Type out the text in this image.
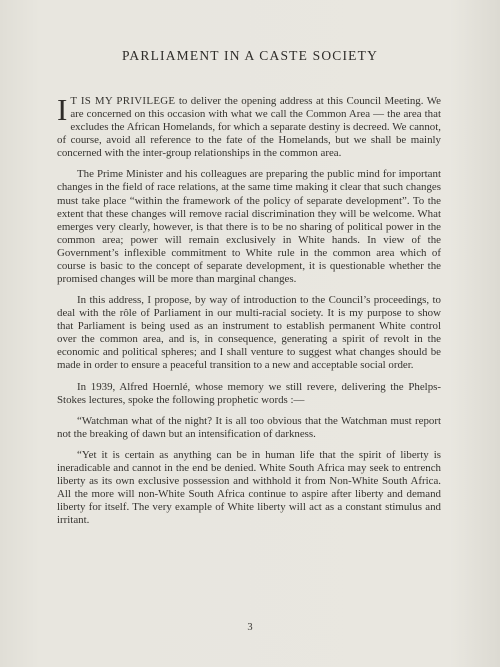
PARLIAMENT IN A CASTE SOCIETY

I T IS MY PRIVILEGE to deliver the opening address at this Council Meeting. We are concerned on this occasion with what we call the Common Area — the area that excludes the African Homelands, for which a separate destiny is decreed. We cannot, of course, avoid all reference to the fate of the Homelands, but we shall be mainly concerned with the inter-group relationships in the common area.

The Prime Minister and his colleagues are preparing the public mind for important changes in the field of race relations, at the same time making it clear that such changes must take place “within the framework of the policy of separate development”. To the extent that these changes will remove racial discrimination they will be welcome. What emerges very clearly, however, is that there is to be no sharing of political power in the common area; power will remain exclusively in White hands. In view of the Government’s inflexible commitment to White rule in the common area which of course is basic to the concept of separate development, it is questionable whether the promised changes will be more than marginal changes.

In this address, I propose, by way of introduction to the Council’s proceedings, to deal with the rôle of Parliament in our multi-racial society. It is my purpose to show that Parliament is being used as an instrument to establish permanent White control over the common area, and is, in consequence, generating a spirit of revolt in the economic and political spheres; and I shall venture to suggest what changes should be made in order to ensure a peaceful transition to a new and acceptable social order.

In 1939, Alfred Hoernlé, whose memory we still revere, delivering the Phelps-Stokes lectures, spoke the following prophetic words :—

“Watchman what of the night? It is all too obvious that the Watchman must report not the breaking of dawn but an intensification of darkness.

“Yet it is certain as anything can be in human life that the spirit of liberty is ineradicable and cannot in the end be denied. White South Africa may seek to entrench liberty as its own exclusive possession and withhold it from Non-White South Africa. All the more will non-White South Africa continue to aspire after liberty and demand liberty for itself. The very example of White liberty will act as a constant stimulus and irritant.

3
